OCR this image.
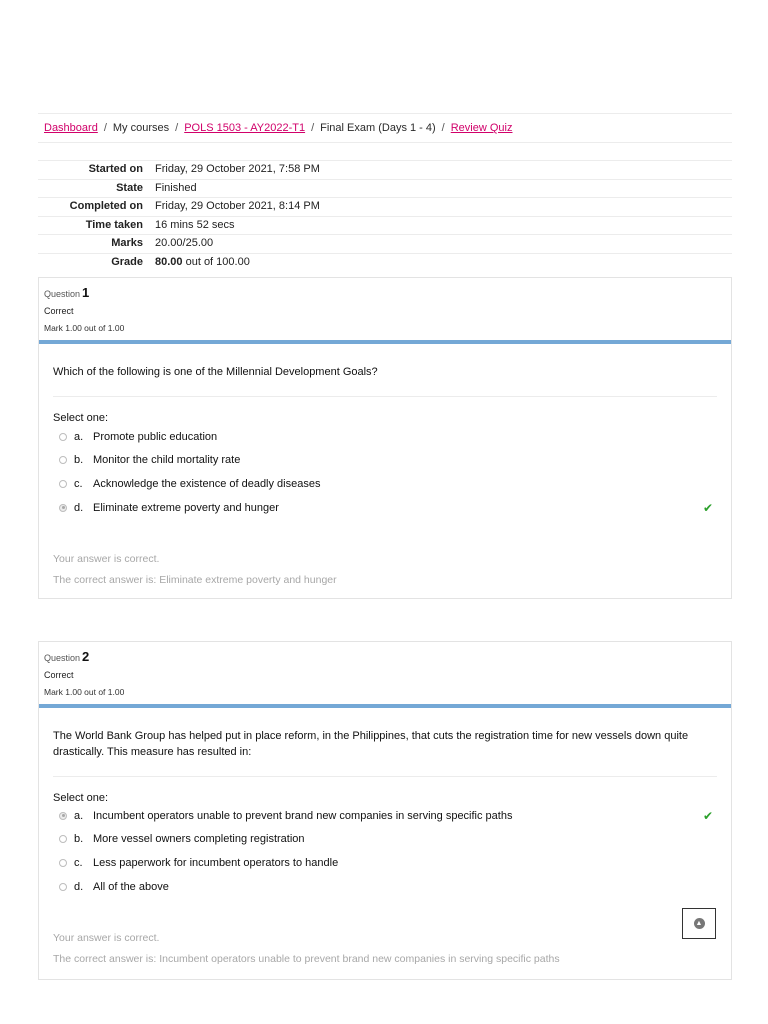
Dashboard / My courses / POLS 1503 - AY2022-T1 / Final Exam (Days 1 - 4) / Review Quiz
Started on	Friday, 29 October 2021, 7:58 PM
State	Finished
Completed on	Friday, 29 October 2021, 8:14 PM
Time taken	16 mins 52 secs
Marks	20.00/25.00
Grade	80.00 out of 100.00
Question 1
Correct
Mark 1.00 out of 1.00
Which of the following is one of the Millennial Development Goals?
Select one:
a. Promote public education
b. Monitor the child mortality rate
c. Acknowledge the existence of deadly diseases
d. Eliminate extreme poverty and hunger	✔
Your answer is correct.
The correct answer is: Eliminate extreme poverty and hunger
Question 2
Correct
Mark 1.00 out of 1.00
The World Bank Group has helped put in place reform, in the Philippines, that cuts the registration time for new vessels down quite drastically. This measure has resulted in:
Select one:
a. Incumbent operators unable to prevent brand new companies in serving specific paths	✔
b. More vessel owners completing registration
c. Less paperwork for incumbent operators to handle
d. All of the above
Your answer is correct.
The correct answer is: Incumbent operators unable to prevent brand new companies in serving specific paths
▲
